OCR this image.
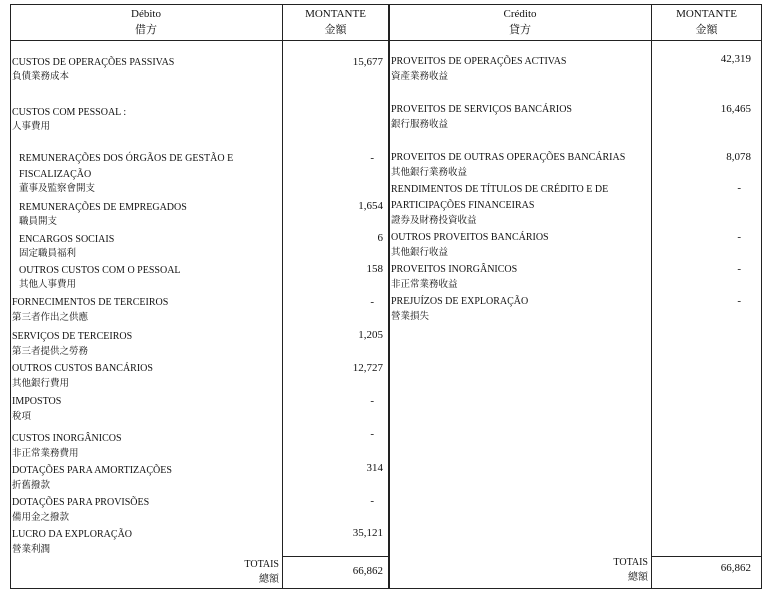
Débito
借方
MONTANTE
金額
Crédito
貸方
MONTANTE
金額
CUSTOS DE OPERAÇÕES PASSIVAS
負債業務成本
15,677
CUSTOS COM PESSOAL :
人事費用
REMUNERAÇÕES DOS ÓRGÃOS DE GESTÃO E
FISCALIZAÇÃO
董事及監察會開支
-
REMUNERAÇÕES DE EMPREGADOS
職員開支
1,654
ENCARGOS SOCIAIS
固定職員福利
6
OUTROS CUSTOS COM O PESSOAL
其他人事費用
158
FORNECIMENTOS DE TERCEIROS
第三者作出之供應
-
SERVIÇOS DE TERCEIROS
第三者提供之勞務
1,205
OUTROS CUSTOS BANCÁRIOS
其他銀行費用
12,727
IMPOSTOS
稅項
-
CUSTOS INORGÂNICOS
非正常業務費用
-
DOTAÇÕES PARA AMORTIZAÇÕES
折舊撥款
314
DOTAÇÕES PARA PROVISÕES
備用金之撥款
-
LUCRO DA EXPLORAÇÃO
營業利潤
35,121
TOTAIS
總額
66,862
PROVEITOS DE OPERAÇÕES ACTIVAS
資產業務收益
42,319
PROVEITOS DE SERVIÇOS BANCÁRIOS
銀行服務收益
16,465
PROVEITOS DE OUTRAS OPERAÇÕES BANCÁRIAS
其他銀行業務收益
8,078
RENDIMENTOS DE TÍTULOS DE CRÉDITO E DE
PARTICIPAÇÕES FINANCEIRAS
證券及財務投資收益
-
OUTROS PROVEITOS BANCÁRIOS
其他銀行收益
-
PROVEITOS INORGÂNICOS
非正常業務收益
-
PREJUÍZOS DE EXPLORAÇÃO
營業損失
-
TOTAIS
總額
66,862
